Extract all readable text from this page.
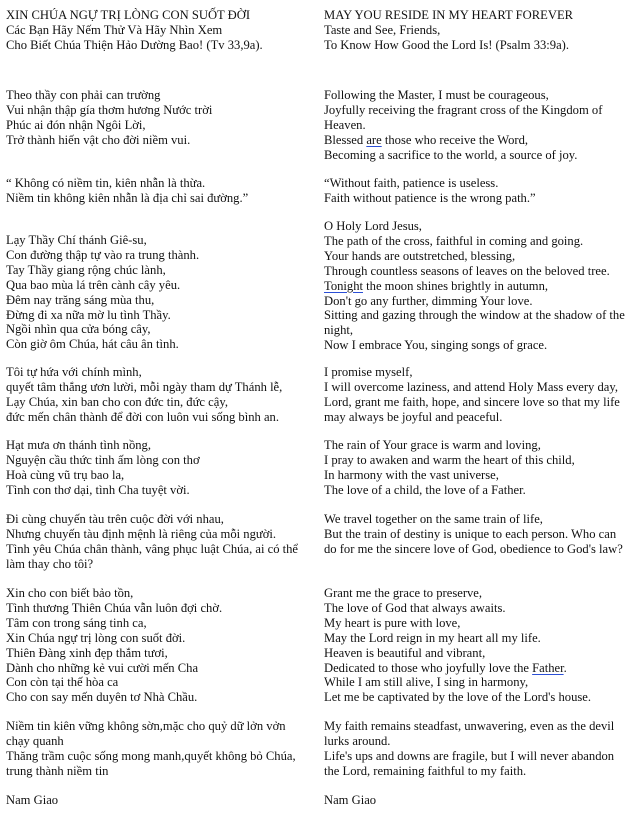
XIN CHÚA NGỰ TRỊ LÒNG CON SUỐT ĐỜI
Các Bạn Hãy Nếm Thử Và Hãy Nhìn Xem
Cho Biết Chúa Thiện Hảo Dường Bao! (Tv 33,9a).
Theo thầy con phải can trường
Vui nhận thập gía thơm hương Nước trời
Phúc ai đón nhận Ngôi Lời,
Trở thành hiến vật cho đời niềm vui.
“ Không có niềm tin, kiên nhẫn là thừa.
Niềm tin không kiên nhẫn là địa chỉ sai đường.”
Lạy Thầy Chí thánh Giê-su,
Con đường thập tự vào ra trung thành.
Tay Thầy giang rộng chúc lành,
Qua bao mùa lá trên cành cây yêu.
Đêm nay trăng sáng mùa thu,
Đừng đi xa nữa mờ lu tình Thầy.
Ngồi nhìn qua cửa bóng cây,
Còn giờ ôm Chúa, hát câu ân tình.
Tôi tự hứa với chính mình,
quyết tâm thắng ươn lười, mỗi ngày tham dự Thánh lễ,
Lạy Chúa, xin ban cho con đức tin, đức cậy,
đức mến chân thành để đời con luôn vui sống bình an.
Hạt mưa ơn thánh tình nồng,
Nguyện cầu thức tỉnh ấm lòng con thơ
Hoà cùng vũ trụ bao la,
Tình con thơ dại, tình Cha tuyệt vời.
Đi cùng chuyến tàu trên cuộc đời với nhau,
Nhưng chuyến tàu định mệnh là riêng của mỗi người.
Tình yêu Chúa chân thành, vâng phục luật Chúa, ai có thể
làm thay cho tôi?
Xin cho con biết bảo tồn,
Tình thương Thiên Chúa vẫn luôn đợi chờ.
Tâm con trong sáng tinh ca,
Xin Chúa ngự trị lòng con suốt đời.
Thiên Đàng xinh đẹp thắm tươi,
Dành cho những kẻ vui cười mến Cha
Con còn tại thế hòa ca
Cho con say mến duyên tơ Nhà Chầu.
Niềm tin kiên vững không sờn,mặc cho quỷ dữ lởn vởn chạy quanh
Thăng trầm cuộc sống mong manh,quyết không bỏ Chúa, trung thành niềm tin
Nam Giao
MAY YOU RESIDE IN MY HEART FOREVER
Taste and See, Friends,
To Know How Good the Lord Is! (Psalm 33:9a).
Following the Master, I must be courageous,
Joyfully receiving the fragrant cross of the Kingdom of Heaven.
Blessed are those who receive the Word,
Becoming a sacrifice to the world, a source of joy.
“Without faith, patience is useless.
Faith without patience is the wrong path.”
O Holy Lord Jesus,
The path of the cross, faithful in coming and going.
Your hands are outstretched, blessing,
Through countless seasons of leaves on the beloved tree.
Tonight the moon shines brightly in autumn,
Don't go any further, dimming Your love.
Sitting and gazing through the window at the shadow of the night,
Now I embrace You, singing songs of grace.
I promise myself,
I will overcome laziness, and attend Holy Mass every day,
Lord, grant me faith, hope, and sincere love so that my life may always be joyful and peaceful.
The rain of Your grace is warm and loving,
I pray to awaken and warm the heart of this child,
In harmony with the vast universe,
The love of a child, the love of a Father.
We travel together on the same train of life,
But the train of destiny is unique to each person. Who can do for me the sincere love of God, obedience to God's law?
Grant me the grace to preserve,
The love of God that always awaits.
My heart is pure with love,
May the Lord reign in my heart all my life.
Heaven is beautiful and vibrant,
Dedicated to those who joyfully love the Father.
While I am still alive, I sing in harmony,
Let me be captivated by the love of the Lord's house.
My faith remains steadfast, unwavering, even as the devil lurks around.
Life's ups and downs are fragile, but I will never abandon the Lord, remaining faithful to my faith.
Nam Giao
